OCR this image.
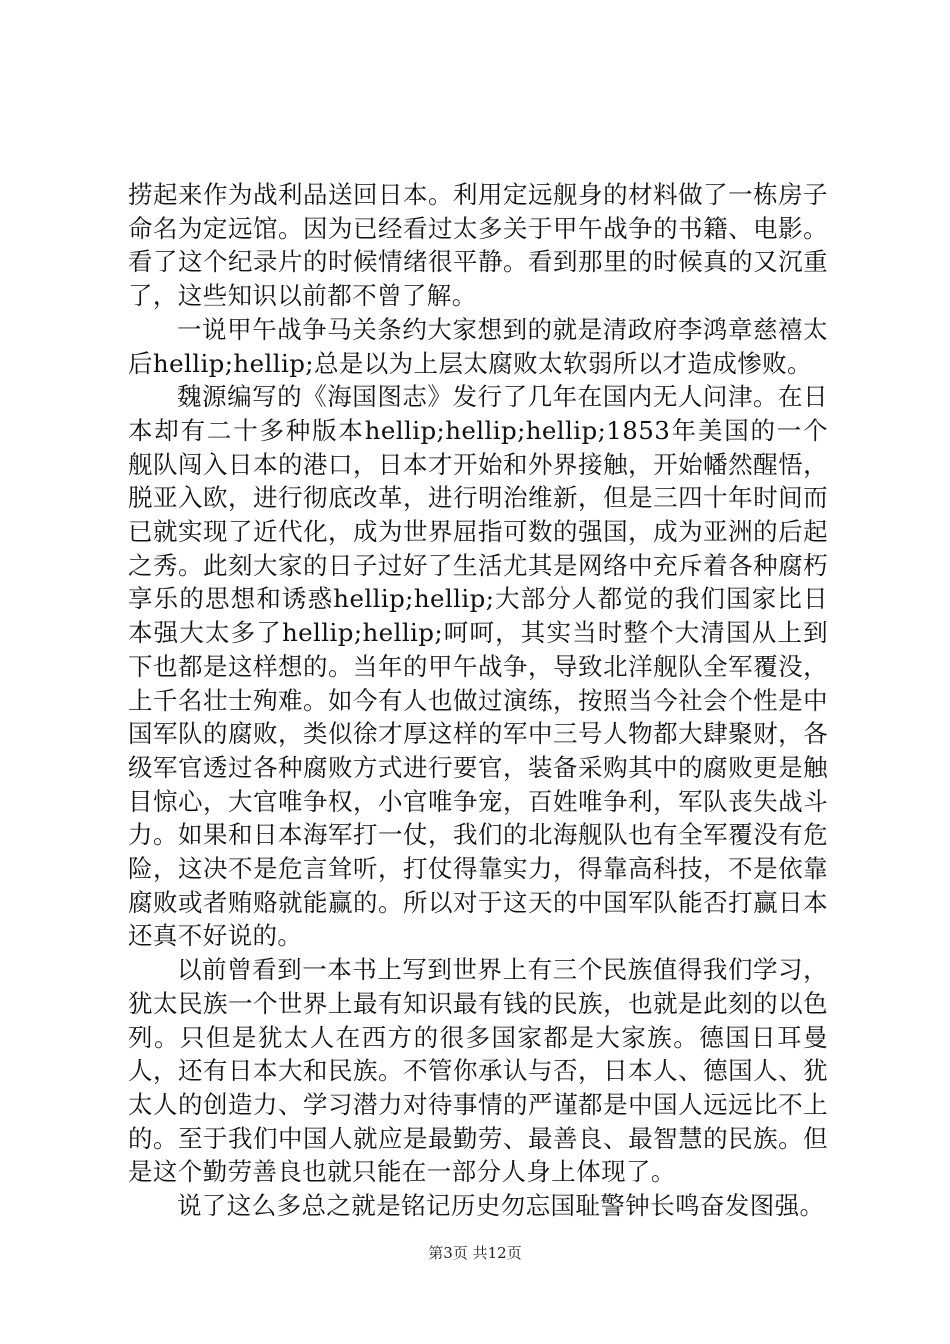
捞起来作为战利品送回日本。利用定远舰身的材料做了一栋房子命名为定远馆。因为已经看过太多关于甲午战争的书籍、电影。看了这个纪录片的时候情绪很平静。看到那里的时候真的又沉重了，这些知识以前都不曾了解。

一说甲午战争马关条约大家想到的就是清政府李鸿章慈禧太后hellip;hellip;总是以为上层太腐败太软弱所以才造成惨败。

魏源编写的《海国图志》发行了几年在国内无人问津。在日本却有二十多种版本hellip;hellip;hellip;1853年美国的一个舰队闯入日本的港口，日本才开始和外界接触，开始幡然醒悟，脱亚入欧，进行彻底改革，进行明治维新，但是三四十年时间而已就实现了近代化，成为世界屈指可数的强国，成为亚洲的后起之秀。此刻大家的日子过好了生活尤其是网络中充斥着各种腐朽享乐的思想和诱惑hellip;hellip;大部分人都觉的我们国家比日本强大太多了hellip;hellip;呵呵，其实当时整个大清国从上到下也都是这样想的。当年的甲午战争，导致北洋舰队全军覆没，上千名壮士殉难。如今有人也做过演练，按照当今社会个性是中国军队的腐败，类似徐才厚这样的军中三号人物都大肆聚财，各级军官透过各种腐败方式进行要官，装备采购其中的腐败更是触目惊心，大官唯争权，小官唯争宠，百姓唯争利，军队丧失战斗力。如果和日本海军打一仗，我们的北海舰队也有全军覆没有危险，这决不是危言耸听，打仗得靠实力，得靠高科技，不是依靠腐败或者贿赂就能赢的。所以对于这天的中国军队能否打赢日本还真不好说的。

以前曾看到一本书上写到世界上有三个民族值得我们学习，犹太民族一个世界上最有知识最有钱的民族，也就是此刻的以色列。只但是犹太人在西方的很多国家都是大家族。德国日耳曼人，还有日本大和民族。不管你承认与否，日本人、德国人、犹太人的创造力、学习潜力对待事情的严谨都是中国人远远比不上的。至于我们中国人就应是最勤劳、最善良、最智慧的民族。但是这个勤劳善良也就只能在一部分人身上体现了。

说了这么多总之就是铭记历史勿忘国耻警钟长鸣奋发图强。

第3页 共12页
